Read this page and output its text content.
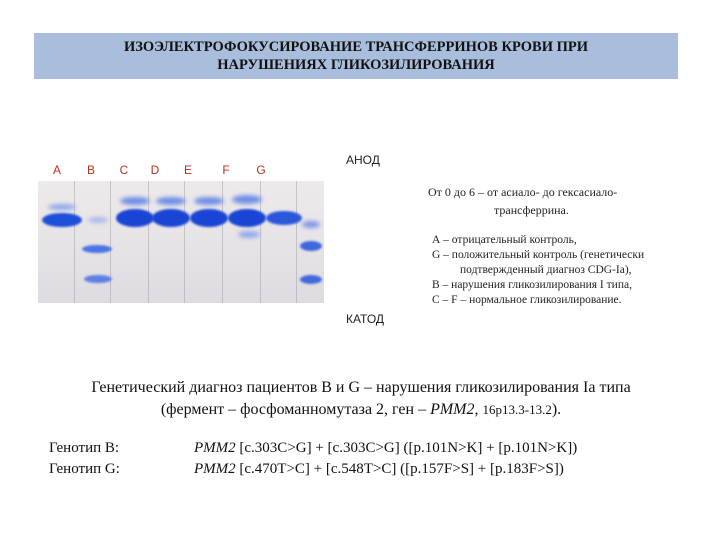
ИЗОЭЛЕКТРОФОКУСИРОВАНИЕ ТРАНСФЕРРИНОВ КРОВИ ПРИ
НАРУШЕНИЯХ ГЛИКОЗИЛИРОВАНИЯ
A B C D E	F G
АНОД
КАТОД
От 0 до 6 – от асиало- до гексасиало-
трансферрина.
А – отрицательный контроль,
G – положительный контроль (генетически
подтвержденный диагноз CDG-Ia),
B – нарушения гликозилирования I типа,
C – F – нормальное гликозилирование.
Генетический диагноз пациентов B и G – нарушения гликозилирования Ia типа
(фермент – фосфоманномутаза 2, ген – PMM2, 16p13.3-13.2).
Генотип B:	PMM2 [c.303C>G] + [c.303C>G] ([p.101N>K] + [p.101N>K])
Генотип G:	PMM2 [c.470T>C] + [c.548T>C] ([p.157F>S] + [p.183F>S])
